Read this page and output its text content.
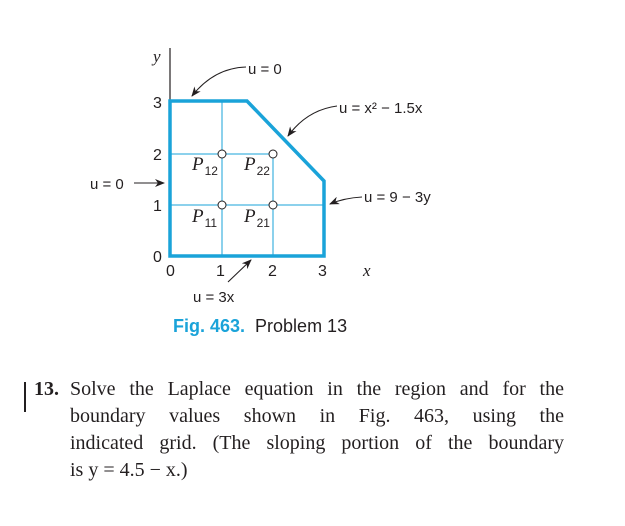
y
x
3
2
1
0
0	1	2	3
$P_{12}$ $P_{22}$
$P_{11}$ $P_{21}$
u = 0
u = 0
u = x² − 1.5x
u = 9 − 3y
u = 3x
Fig. 463. Problem 13
13. Solve the Laplace equation in the region and for the
boundary values shown in Fig. 463, using the
indicated grid. (The sloping portion of the boundary
is y = 4.5 − x.)
